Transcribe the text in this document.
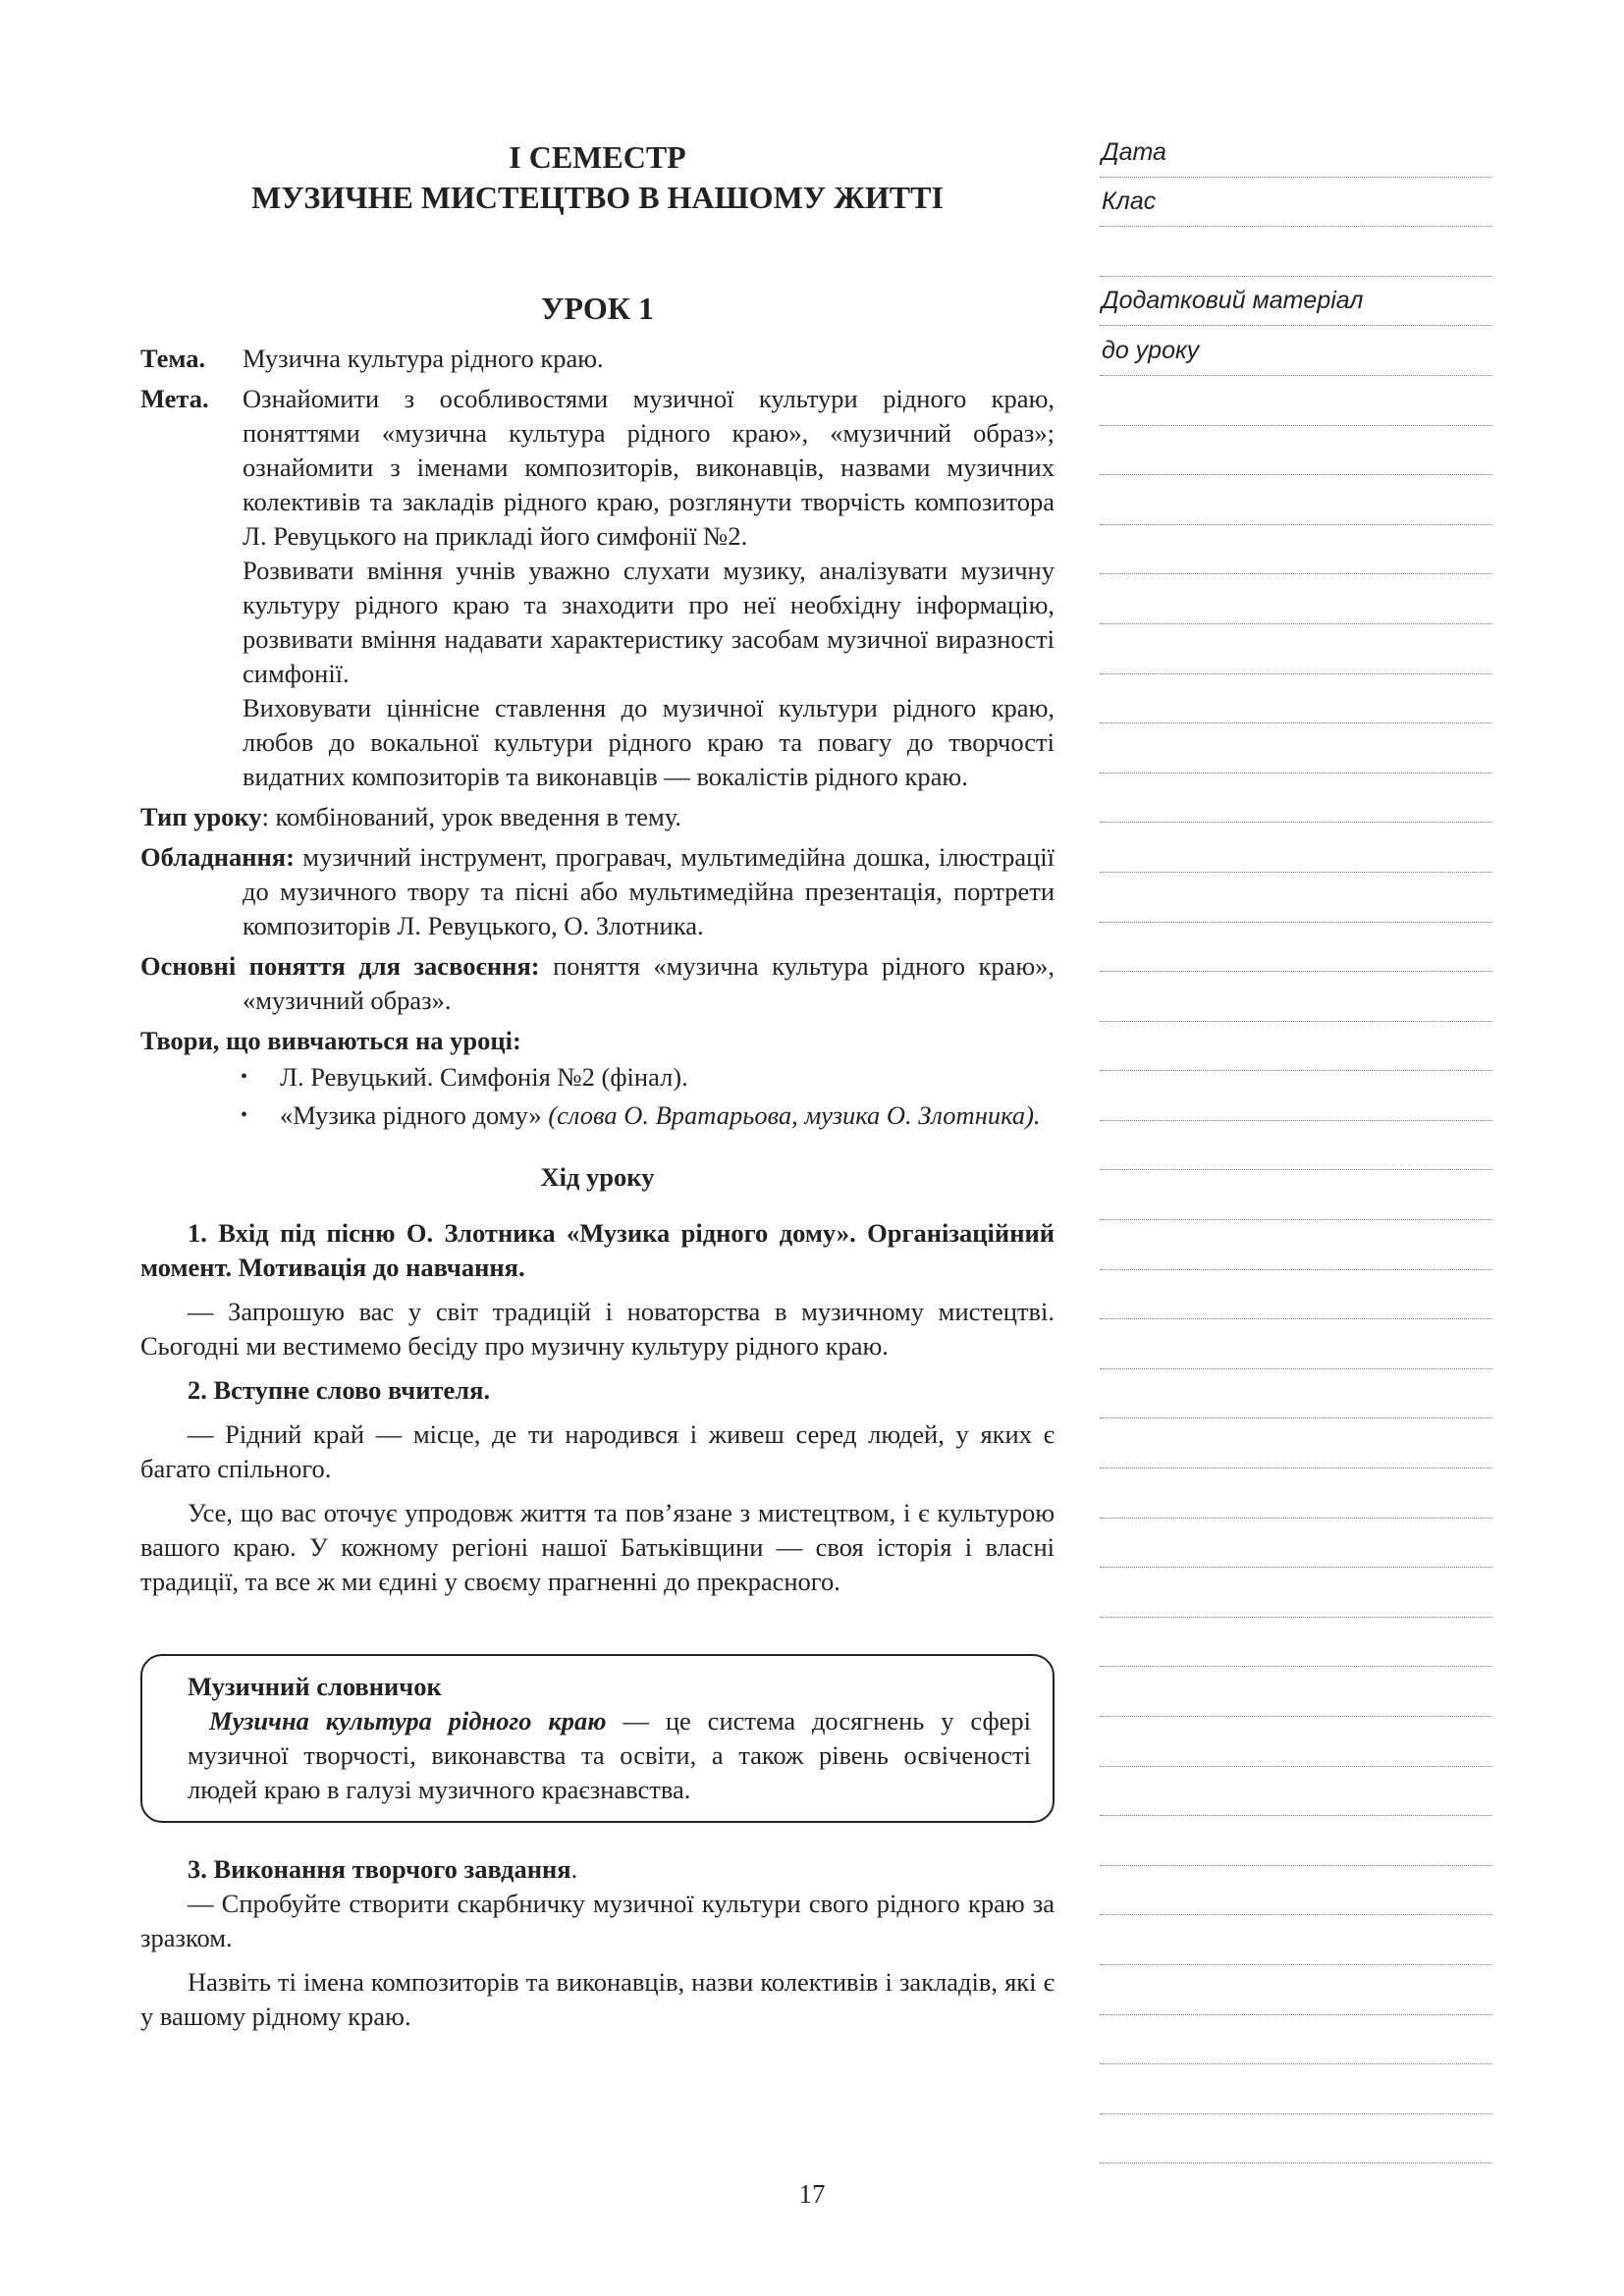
І СЕМЕСТР
МУЗИЧНЕ МИСТЕЦТВО В НАШОМУ ЖИТТІ
УРОК 1
Тема.	Музична культура рідного краю.
Мета.	Ознайомити з особливостями музичної культури рідного краю, поняттями «музична культура рідного краю», «музичний образ»; ознайомити з іменами композиторів, виконавців, назвами музичних колективів та закладів рідного краю, розглянути творчість композитора Л. Ревуцького на прикладі його симфонії №2.

Розвивати вміння учнів уважно слухати музику, аналізувати музичну культуру рідного краю та знаходити про неї необхідну інформацію, розвивати вміння надавати характеристику засобам музичної виразності симфонії.

Виховувати ціннісне ставлення до музичної культури рідного краю, любов до вокальної культури рідного краю та повагу до творчості видатних композиторів та виконавців — вокалістів рідного краю.

Тип уроку: комбінований, урок введення в тему.

Обладнання: музичний інструмент, програвач, мультимедійна дошка, ілюстрації до музичного твору та пісні або мультимедійна презентація, портрети композиторів Л. Ревуцького, О. Злотника.

Основні поняття для засвоєння: поняття «музична культура рідного краю», «музичний образ».

Твори, що вивчаються на уроці:
• Л. Ревуцький. Симфонія №2 (фінал).
• «Музика рідного дому» (слова О. Вратарьова, музика О. Злотника).
Хід уроку

1. Вхід під пісню О. Злотника «Музика рідного дому». Організаційний момент. Мотивація до навчання.

— Запрошую вас у світ традицій і новаторства в музичному мистецтві. Сьогодні ми вестимемо бесіду про музичну культуру рідного краю.

2. Вступне слово вчителя.

— Рідний край — місце, де ти народився і живеш серед людей, у яких є багато спільного.

Усе, що вас оточує упродовж життя та пов’язане з мистецтвом, і є культурою вашого краю. У кожному регіоні нашої Батьківщини — своя історія і власні традиції, та все ж ми єдині у своєму прагненні до прекрасного.

Музичний словничок

Музична культура рідного краю — це система досягнень у сфері музичної творчості, виконавства та освіти, а також рівень освіченості людей краю в галузі музичного краєзнавства.

3. Виконання творчого завдання.

— Спробуйте створити скарбничку музичної культури свого рідного краю за зразком.

Назвіть ті імена композиторів та виконавців, назви колективів і закладів, які є у вашому рідному краю.

Дата
Клас
Додатковий матеріал
до уроку
17
